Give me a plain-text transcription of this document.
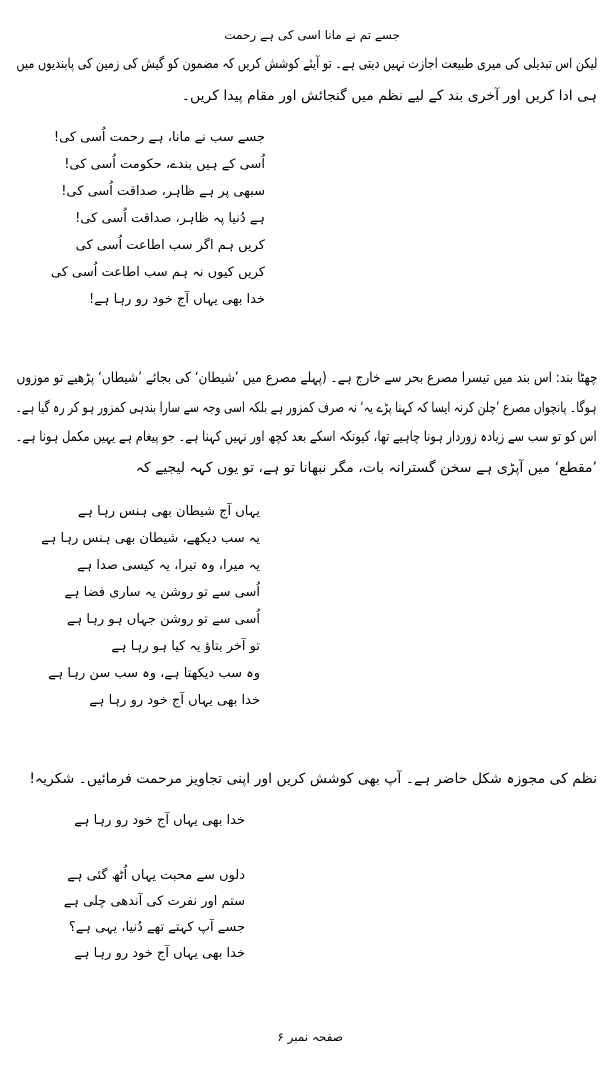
جسے تم نے مانا اسی کی ہے رحمت

لیکن اس تبدیلی کی میری طبیعت اجازت نہیں دیتی ہے۔ تو آیئے کوشش کریں کہ مضمون کو گیش کی زمین کی پابندیوں میں

ہی ادا کریں اور آخری بند کے لیے نظم میں گنجائش اور مقام پیدا کریں۔

جسے سب نے مانا، ہے رحمت اُسی کی!

اُسی کے ہیں بندے، حکومت اُسی کی!

سبھی پر ہے ظاہر، صداقت اُسی کی!

ہے دُنیا پہ ظاہر، صداقت اُسی کی!

کریں ہم اگر سب اطاعت اُسی کی

کریں کیوں نہ ہم سب اطاعت اُسی کی

خدا بھی یہاں آج خود رو رہا ہے!

چھٹا بند: اس بند میں تیسرا مصرع بحر سے خارج ہے۔ (پہلے مصرع میں ’شیطان‘ کی بجائے ’شیطاں‘ پڑھیے تو موزوں

ہوگا۔ پانچواں مصرع ’چلن کرنہ ایسا کہ کہنا پڑے یہ‘ نہ صرف کمزور ہے بلکہ اسی وجہ سے سارا بندہی کمزور ہو کر رہ گیا ہے۔

اس کو تو سب سے زیادہ زوردار ہونا چاہیے تھا، کیونکہ اسکے بعد کچھ اور نہیں کہنا ہے۔ جو پیغام ہے یہیں مکمل ہونا ہے۔

’مقطع‘ میں آپڑی ہے سخن گسترانہ بات، مگر نبھانا تو ہے، تو یوں کہہ لیجیے کہ

یہاں آج شیطان بھی ہنس رہا ہے

یہ سب دیکھے، شیطان بھی ہنس رہا ہے

یہ میرا، وہ تیرا، یہ کیسی صدا ہے

اُسی سے تو روشن یہ ساری فضا ہے

اُسی سے تو روشن جہاں ہو رہا ہے

تو آخر بتاؤ یہ کیا ہو رہا ہے

وہ سب دیکھتا ہے، وہ سب سن رہا ہے

خدا بھی یہاں آج خود رو رہا ہے

نظم کی مجوزہ شکل حاضر ہے۔ آپ بھی کوشش کریں اور اپنی تجاویز مرحمت فرمائیں۔ شکریہ!

خدا بھی یہاں آج خود رو رہا ہے

دلوں سے محبت یہاں اُٹھ گئی ہے

ستم اور نفرت کی آندھی چلی ہے

جسے آپ کہتے تھے دُنیا، یہی ہے؟

خدا بھی یہاں آج خود رو رہا ہے

صفحہ نمبر ۶
